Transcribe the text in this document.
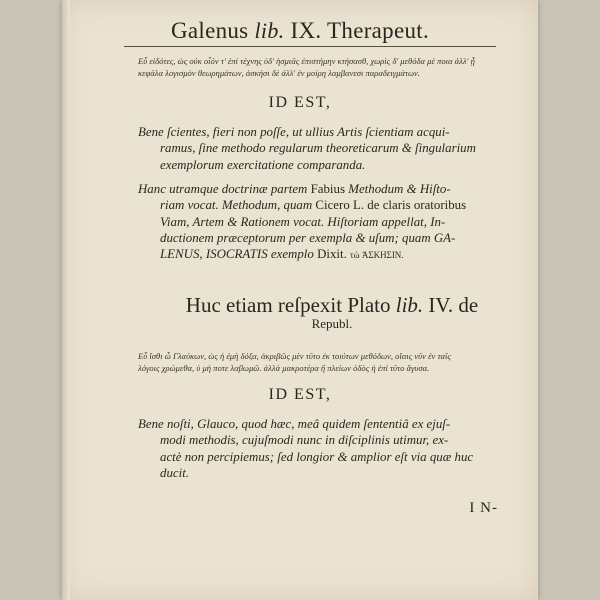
Galenus lib. IX. Therapeut.
Εὖ εἰδότες, ὡς οὐκ οἷόν τ' ἐπὶ τέχνης ὑδ' ἡσμιᾶς ἐπιστήμην κτήσασθ, χωρὶς δ' μεθόδα μὲ ποια ἀλλ' ᾗ
κεφάλα λογισμὸν θεωρημάτων, ἀσκήσι δὲ ἀλλ' ἐν μοίρη λαμβανεσι παραδειγμάτων.
ID EST,
Bene ſcientes, fieri non poſſe, ut ullius Artis ſcientiam acqui-
ramus, ſine methodo regularum theoreticarum & ſingularium
exemplorum exercitatione comparanda.
Hanc utramque doctrinæ partem Fabius Methodum & Hiſto-
riam vocat. Methodum, quam Cicero L. de claris oratoribus
Viam, Artem & Rationem vocat. Hiſtoriam appellat, In-
ductionem præceptorum per exempla & uſum; quam GA-
LENUS, ISOCRATIS exemplo Dixit. τὼ ἈΣΚΗΣΙΝ.
Huc etiam reſpexit Plato lib. IV. de
Republ.
Εὖ ἴσθι ὦ Γλαύκων, ὡς ἡ ἐμὴ δόξα, ἀκριβῶς μὲν τῦτο ἐκ τοιύτων μεθόδων, οἵαις νῦν ἐν ταῖς
λόγοις χρώμεθα, ὑ μὴ ποτε λαβωμῶ. ἀλλὰ μακροτέρα ἢ πλείων ὁδὸς ἡ ἐπὶ τῦτο ἄγυσα.
ID EST,
Bene noſti, Glauco, quod hæc, meâ quidem ſententiâ ex ejuſ-
modi methodis, cujuſmodi nunc in diſciplinis utimur, ex-
actè non percipiemus; ſed longior & amplior eſt via quæ huc
ducit.
I N-
